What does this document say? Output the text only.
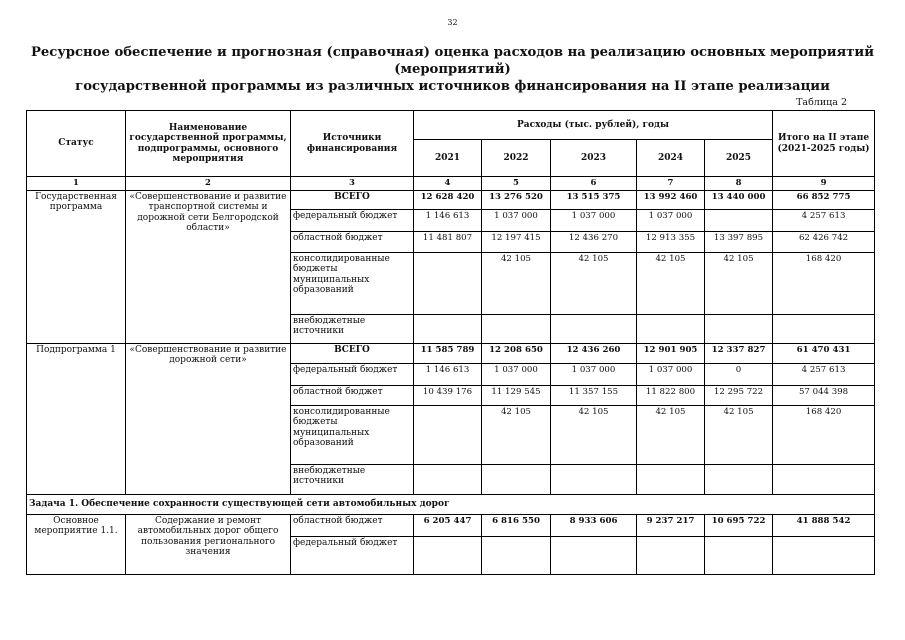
32
Ресурсное обеспечение и прогнозная (справочная) оценка расходов на реализацию основных мероприятий (мероприятий)
государственной программы из различных источников финансирования на II этапе реализации
Таблица 2
Статус	Наименование государственной программы, подпрограммы, основного мероприятия	Источники финансирования	Расходы (тыс. рублей), годы					Итого на II этапе (2021-2025 годы)
			2021	2022	2023	2024	2025	
1	2	3	4	5	6	7	8	9
Государственная программа	«Совершенствование и развитие транспортной системы и дорожной сети Белгородской области»	ВСЕГО	12 628 420	13 276 520	13 515 375	13 992 460	13 440 000	66 852 775
		федеральный бюджет	1 146 613	1 037 000	1 037 000	1 037 000		4 257 613
		областной бюджет	11 481 807	12 197 415	12 436 270	12 913 355	13 397 895	62 426 742
		консолидированные бюджеты муниципальных образований		42 105	42 105	42 105	42 105	168 420
		внебюджетные источники						
Подпрограмма 1	«Совершенствование и развитие дорожной сети»	ВСЕГО	11 585 789	12 208 650	12 436 260	12 901 905	12 337 827	61 470 431
		федеральный бюджет	1 146 613	1 037 000	1 037 000	1 037 000	0	4 257 613
		областной бюджет	10 439 176	11 129 545	11 357 155	11 822 800	12 295 722	57 044 398
		консолидированные бюджеты муниципальных образований		42 105	42 105	42 105	42 105	168 420
		внебюджетные источники						
Задача 1. Обеспечение сохранности существующей сети автомобильных дорог								
Основное мероприятие 1.1.	Содержание и ремонт автомобильных дорог общего пользования регионального значения	областной бюджет	6 205 447	6 816 550	8 933 606	9 237 217	10 695 722	41 888 542
		федеральный бюджет						
